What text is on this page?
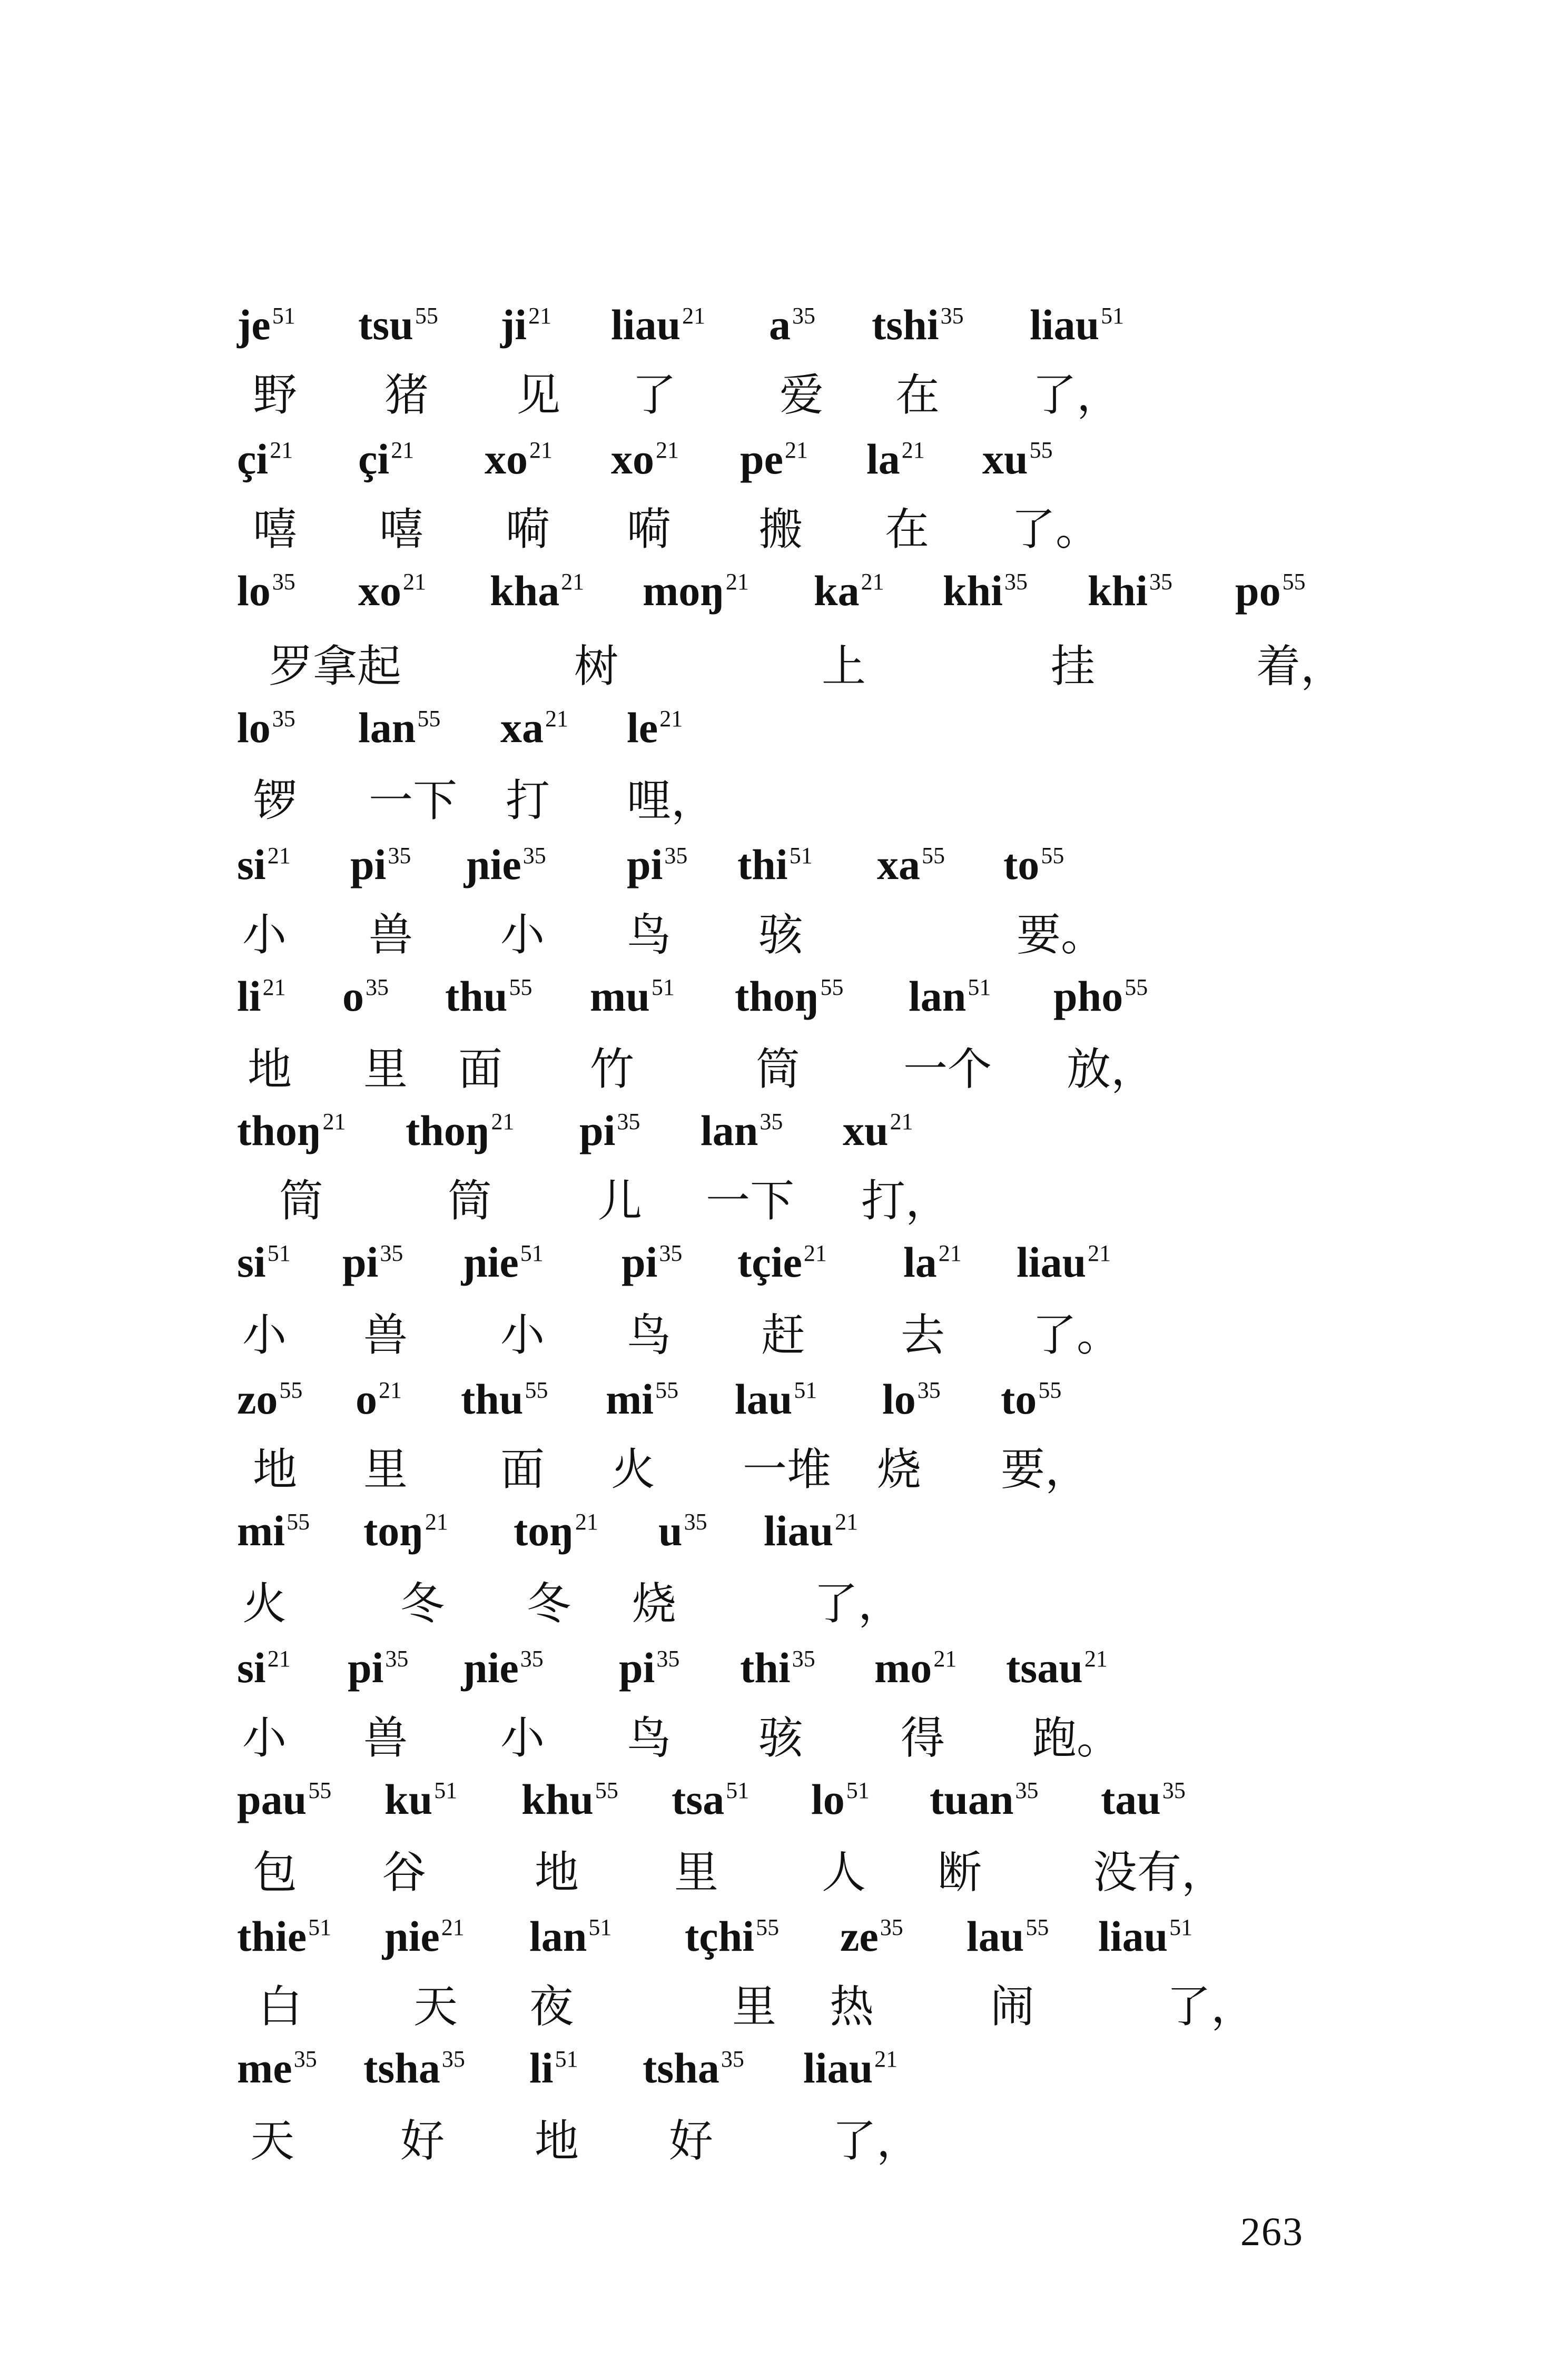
$je^{51}$ tsu$^{55}$ $ji^{21}$ liau$^{21}$ $a^{35}$ tshi$^{35}$ liau$^{51}$
野 猪 见 了 爱 在 了，
$çi^{21}$ $çi^{21}$ $xo^{21}$ $xo^{21}$ $pe^{21}$ $la^{21}$ $xu^{55}$
嘻 嘻 嗬 嗬 搬 在 了。
$lo^{35}$ $xo^{21}$ kha$^{21}$ moŋ$^{21}$ $ka^{21}$ khi$^{35}$ khi$^{35}$ $po^{55}$
罗拿起	树	上	挂	着，
$lo^{35}$ lan$^{55}$ $xa^{21}$ $le^{21}$
锣 一下 打 哩，
$si^{21}$ $pi^{35}$ ɲie$^{35}$ $pi^{35}$ thi$^{51}$ $xa^{55}$ $to^{55}$
小 兽 小 鸟 骇	要。
$li^{21}$ $o^{35}$ thu$^{55}$ $mu^{51}$ thoŋ$^{55}$ lan$^{51}$ pho$^{55}$
地 里 面 竹	筒 一个 放，
thoŋ$^{21}$ thoŋ$^{21}$ $pi^{35}$ lan$^{35}$ $xu^{21}$
筒	筒 儿 一下 打，
$si^{51}$ $pi^{35}$ ɲie$^{51}$ $pi^{35}$ tçie$^{21}$ $la^{21}$ liau$^{21}$
小 兽 小 鸟 赶 去 了。
$zo^{55}$ $o^{21}$ thu$^{55}$ $mi^{55}$ lau$^{51}$ $lo^{35}$ $to^{55}$
地 里 面 火 一堆 烧 要，
$mi^{55}$ toŋ$^{21}$ toŋ$^{21}$ $u^{35}$ liau$^{21}$
火	冬 冬 烧	了，
$si^{21}$ $pi^{35}$ ɲie$^{35}$ $pi^{35}$ thi$^{35}$ $mo^{21}$ tsau$^{21}$
小 兽 小 鸟 骇 得 跑。
pau$^{55}$ $ku^{51}$ khu$^{55}$ tsa$^{51}$ $lo^{51}$ tuan$^{35}$ tau$^{35}$
包 谷 地 里 人 断	没有，
thie$^{51}$ ɲie$^{21}$ lan$^{51}$ tçhi$^{55}$ $ze^{35}$ lau$^{55}$ liau$^{51}$
白	天 夜	里 热	闹	了，
$me^{35}$ tsha$^{35}$ $li^{51}$ tsha$^{35}$ liau$^{21}$
天 好 地 好	了，
263
